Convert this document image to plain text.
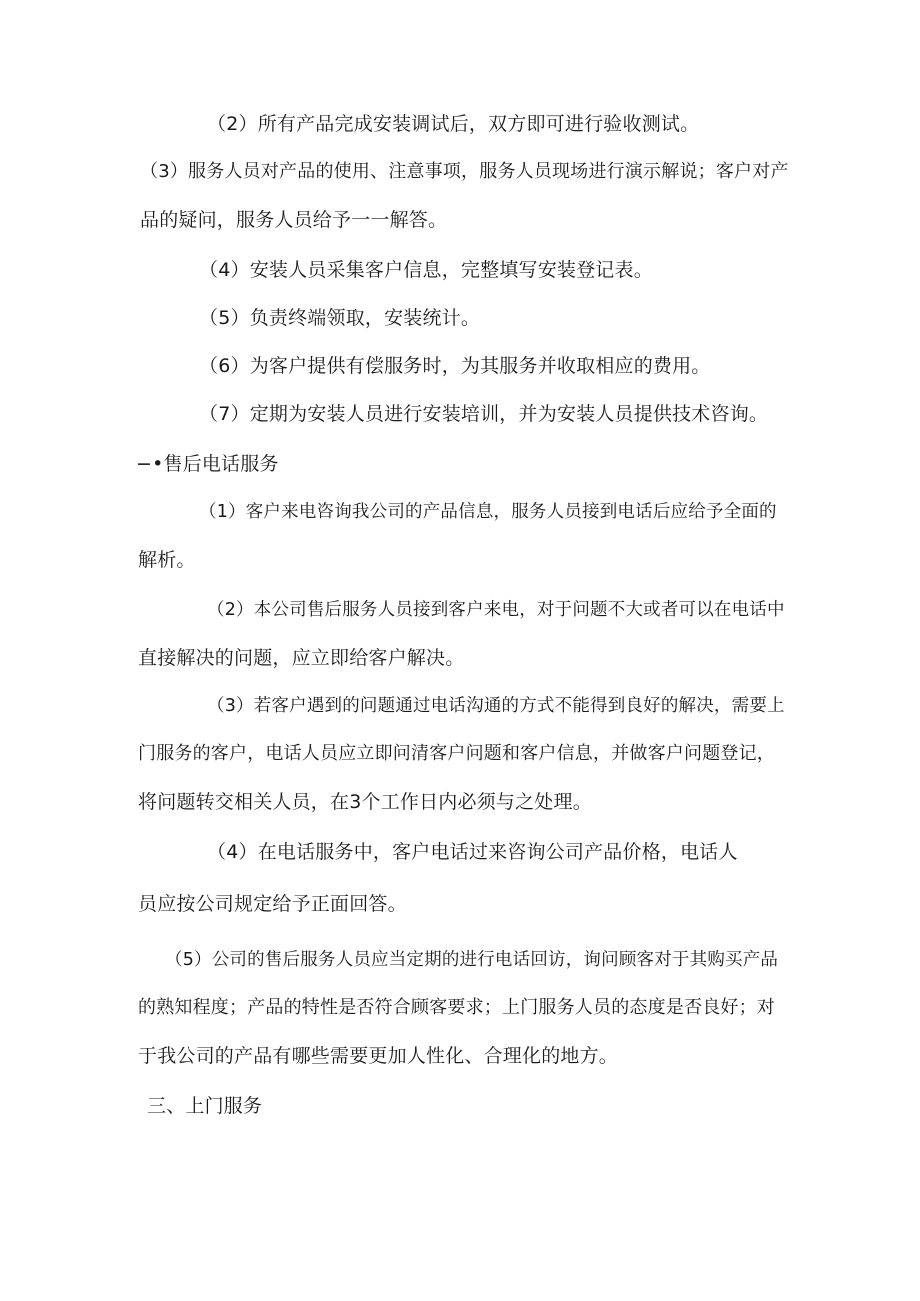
（2）所有产品完成安装调试后，双方即可进行验收测试。
（3）服务人员对产品的使用、注意事项，服务人员现场进行演示解说；客户对产
品的疑问，服务人员给予一一解答。
（4）安装人员采集客户信息，完整填写安装登记表。
（5）负责终端领取，安装统计。
（6）为客户提供有偿服务时，为其服务并收取相应的费用。
（7）定期为安装人员进行安装培训，并为安装人员提供技术咨询。
−•售后电话服务
（1）客户来电咨询我公司的产品信息，服务人员接到电话后应给予全面的
解析。
（2）本公司售后服务人员接到客户来电，对于问题不大或者可以在电话中
直接解决的问题，应立即给客户解决。
（3）若客户遇到的问题通过电话沟通的方式不能得到良好的解决，需要上
门服务的客户，电话人员应立即问清客户问题和客户信息，并做客户问题登记，
将问题转交相关人员，在3个工作日内必须与之处理。
（4）在电话服务中，客户电话过来咨询公司产品价格，电话人
员应按公司规定给予正面回答。
（5）公司的售后服务人员应当定期的进行电话回访，询问顾客对于其购买产品
的熟知程度；产品的特性是否符合顾客要求；上门服务人员的态度是否良好；对
于我公司的产品有哪些需要更加人性化、合理化的地方。
三、上门服务
